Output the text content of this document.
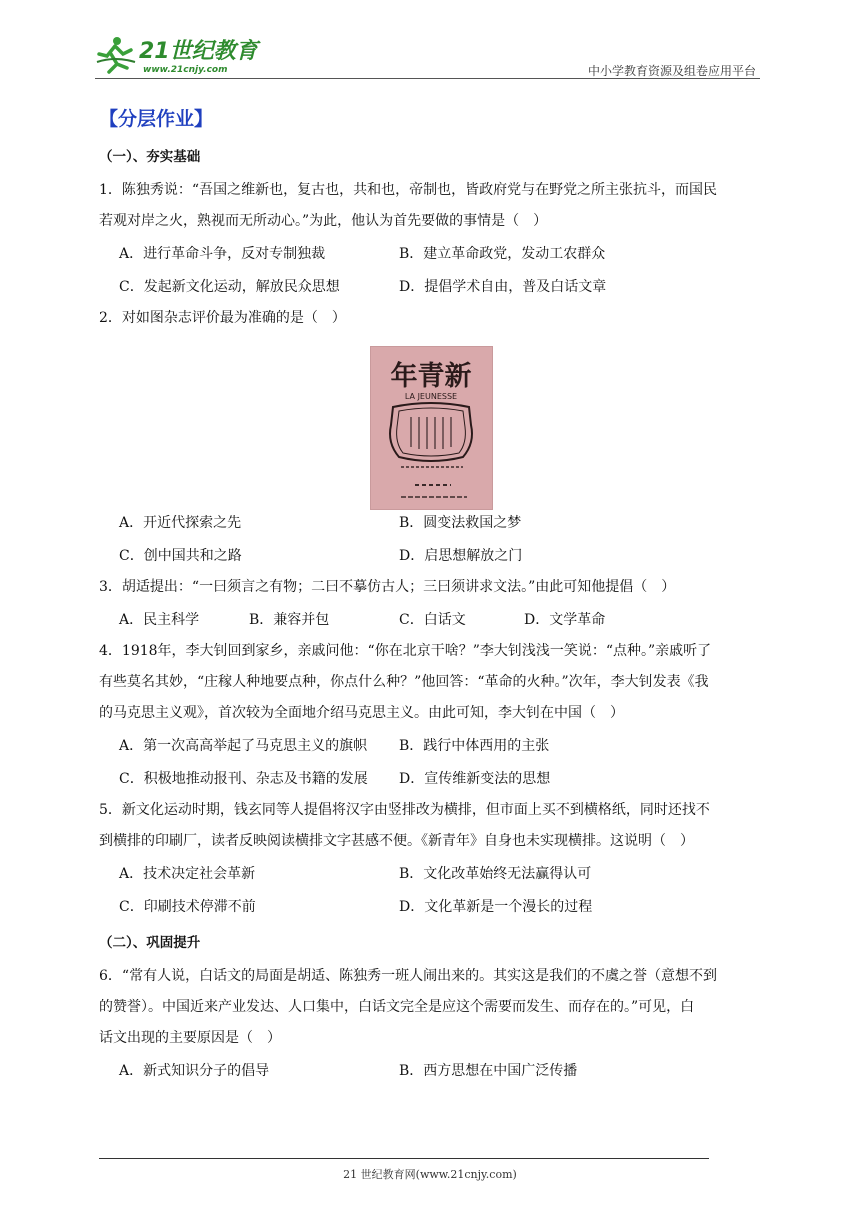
21世纪教育
www.21cnjy.com	中小学教育资源及组卷应用平台
【分层作业】
（一）、夯实基础

1．陈独秀说：“吾国之维新也，复古也，共和也，帝制也，皆政府党与在野党之所主张抗斗，而国民

若观对岸之火，熟视而无所动心。”为此，他认为首先要做的事情是（　）

A．进行革命斗争，反对专制独裁	B．建立革命政党，发动工农群众
C．发起新文化运动，解放民众思想	D．提倡学术自由，普及白话文章

2．对如图杂志评价最为准确的是（　）

年青新
LA JEUNESSE
A．开近代探索之先	B．圆变法救国之梦
C．创中国共和之路	D．启思想解放之门

3．胡适提出：“一曰须言之有物；二曰不摹仿古人；三曰须讲求文法。”由此可知他提倡（　）

A．民主科学	B．兼容并包	C．白话文	D．文学革命

4．1918年，李大钊回到家乡，亲戚问他：“你在北京干啥？”李大钊浅浅一笑说：“点种。”亲戚听了

有些莫名其妙，“庄稼人种地要点种，你点什么种？”他回答：“革命的火种。”次年，李大钊发表《我

的马克思主义观》，首次较为全面地介绍马克思主义。由此可知，李大钊在中国（　）

A．第一次高高举起了马克思主义的旗帜 B．践行中体西用的主张
C．积极地推动报刊、杂志及书籍的发展 D．宣传维新变法的思想

5．新文化运动时期，钱玄同等人提倡将汉字由竖排改为横排，但市面上买不到横格纸，同时还找不

到横排的印刷厂，读者反映阅读横排文字甚感不便。《新青年》自身也未实现横排。这说明（　）

A．技术决定社会革新	B．文化改革始终无法赢得认可
C．印刷技术停滞不前	D．文化革新是一个漫长的过程
（二）、巩固提升

6．“常有人说，白话文的局面是胡适、陈独秀一班人闹出来的。其实这是我们的不虞之誉（意想不到

的赞誉）。中国近来产业发达、人口集中，白话文完全是应这个需要而发生、而存在的。”可见，白

话文出现的主要原因是（　）

A．新式知识分子的倡导	B．西方思想在中国广泛传播
21 世纪教育网(www.21cnjy.com)
